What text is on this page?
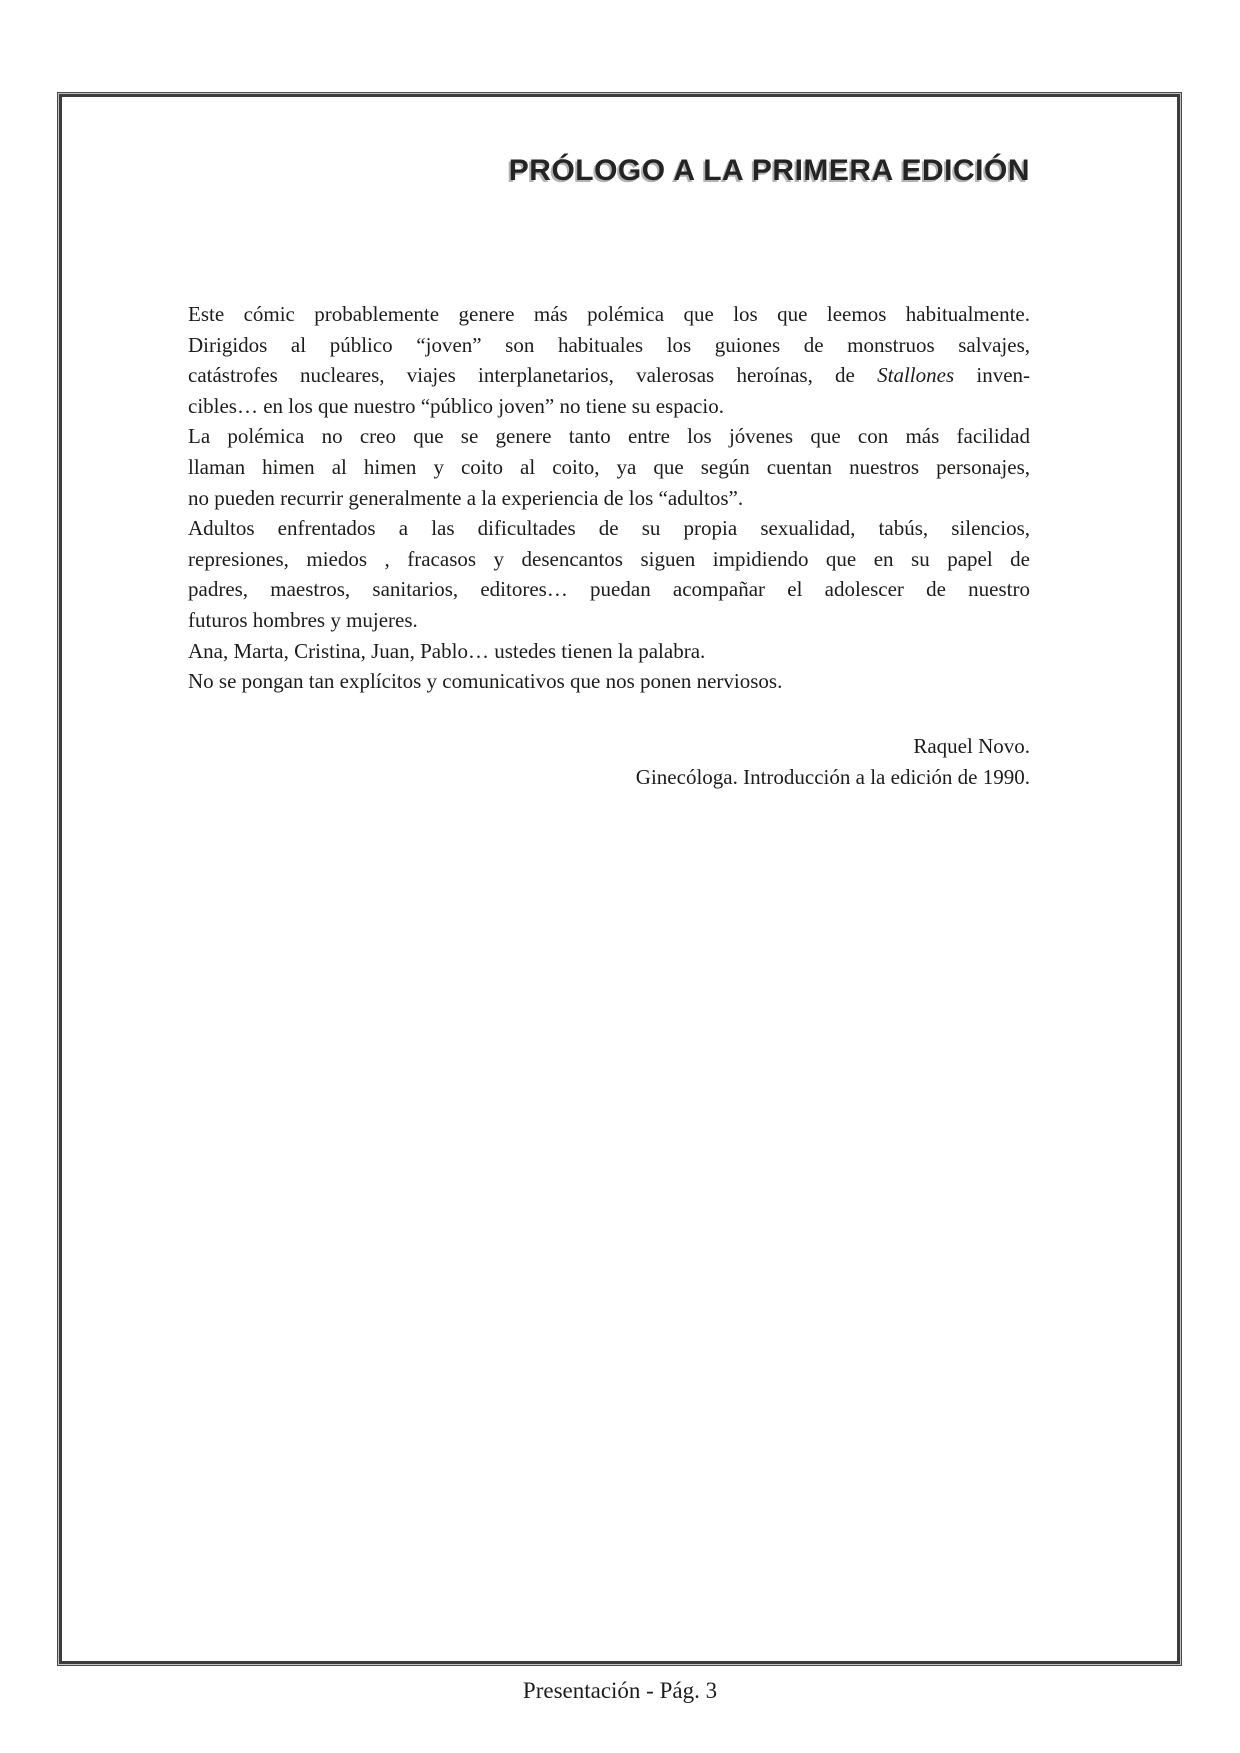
PRÓLOGO A LA PRIMERA EDICIÓN
Este cómic probablemente genere más polémica que los que leemos habitualmente.
Dirigidos al público “joven” son habituales los guiones de monstruos salvajes,
catástrofes nucleares, viajes interplanetarios, valerosas heroínas, de Stallones inven-
cibles… en los que nuestro “público joven” no tiene su espacio.
La polémica no creo que se genere tanto entre los jóvenes que con más facilidad
llaman himen al himen y coito al coito, ya que según cuentan nuestros personajes,
no pueden recurrir generalmente a la experiencia de los “adultos”.
Adultos enfrentados a las dificultades de su propia sexualidad, tabús, silencios,
represiones, miedos , fracasos y desencantos siguen impidiendo que en su papel de
padres, maestros, sanitarios, editores… puedan acompañar el adolescer de nuestro
futuros hombres y mujeres.
Ana, Marta, Cristina, Juan, Pablo… ustedes tienen la palabra.
No se pongan tan explícitos y comunicativos que nos ponen nerviosos.
Raquel Novo.
Ginecóloga. Introducción a la edición de 1990.
Presentación - Pág. 3
